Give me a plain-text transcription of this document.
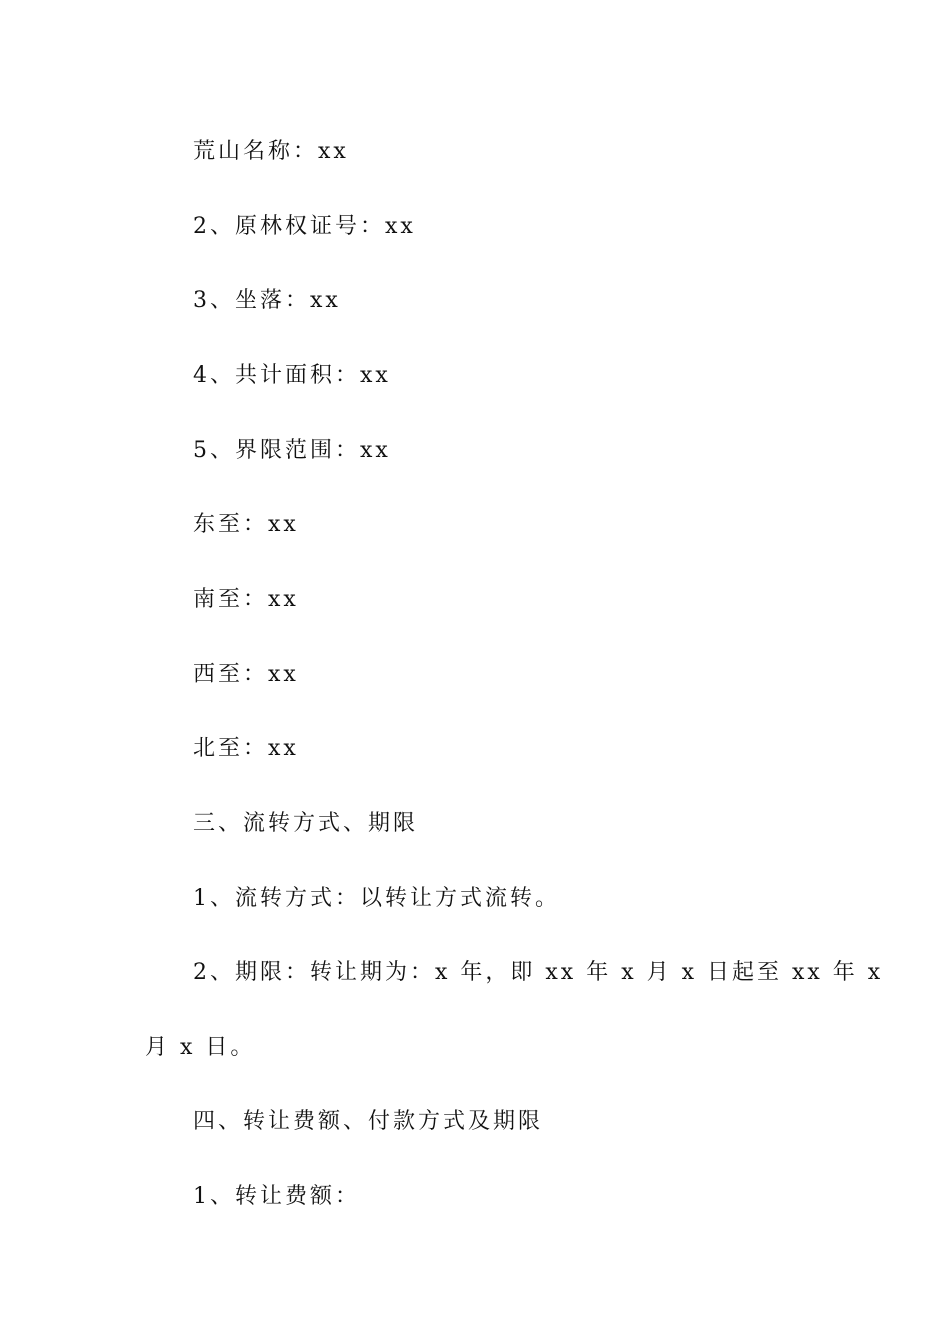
荒山名称：xx

2、原林权证号：xx

3、坐落：xx

4、共计面积：xx

5、界限范围：xx

东至：xx

南至：xx

西至：xx

北至：xx

三、流转方式、期限

1、流转方式：以转让方式流转。

2、期限：转让期为：x 年，即 xx 年 x 月 x 日起至 xx 年 x

月 x 日。

四、转让费额、付款方式及期限

1、转让费额：
